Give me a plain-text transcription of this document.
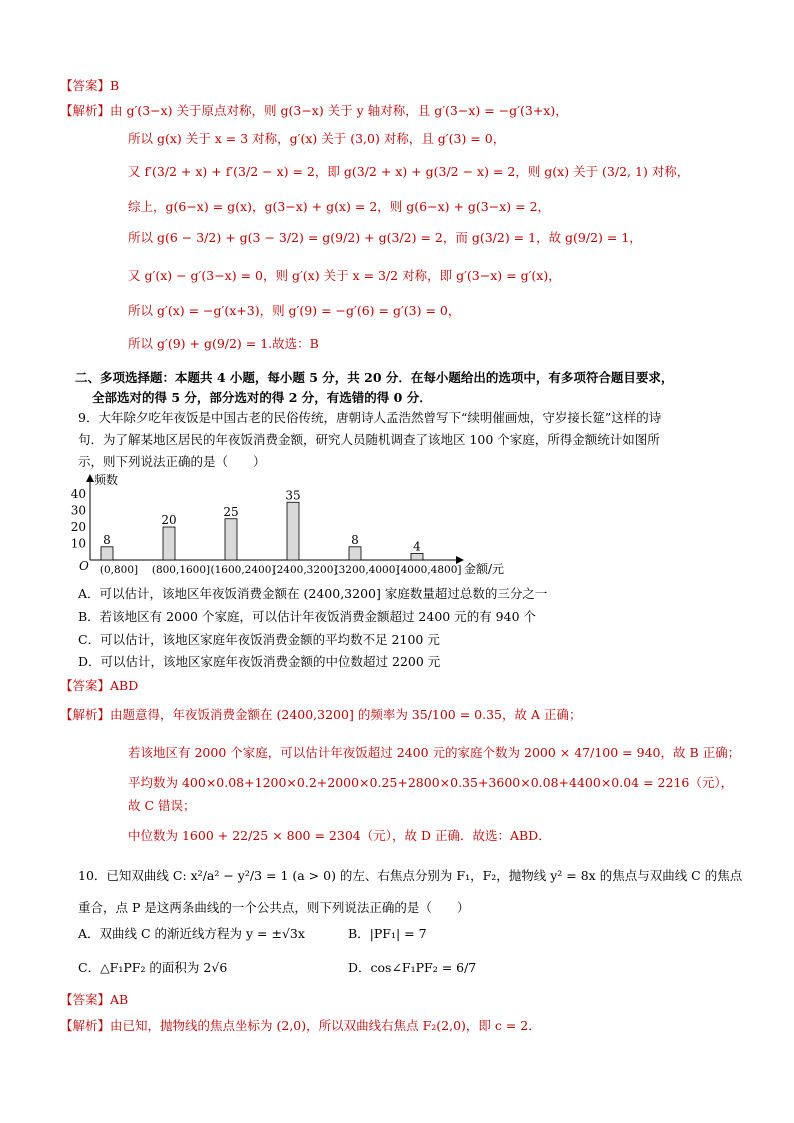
【答案】B
【解析】由 g′(3−x) 关于原点对称，则 g(3−x) 关于 y 轴对称，且 g′(3−x) = −g′(3+x)，
所以 g(x) 关于 x = 3 对称，g′(x) 关于 (3,0) 对称，且 g′(3) = 0，
又 f′(3/2 + x) + f′(3/2 − x) = 2，即 g(3/2 + x) + g(3/2 − x) = 2，则 g(x) 关于 (3/2, 1) 对称，
综上，g(6−x) = g(x)，g(3−x) + g(x) = 2，则 g(6−x) + g(3−x) = 2，
所以 g(6 − 3/2) + g(3 − 3/2) = g(9/2) + g(3/2) = 2，而 g(3/2) = 1，故 g(9/2) = 1，
又 g′(x) − g′(3−x) = 0，则 g′(x) 关于 x = 3/2 对称，即 g′(3−x) = g′(x)，
所以 g′(x) = −g′(x+3)，则 g′(9) = −g′(6) = g′(3) = 0，
所以 g′(9) + g(9/2) = 1.故选：B
二、多项选择题：本题共 4 小题，每小题 5 分，共 20 分．在每小题给出的选项中，有多项符合题目要求，
全部选对的得 5 分，部分选对的得 2 分，有选错的得 0 分．
9．大年除夕吃年夜饭是中国古老的民俗传统，唐朝诗人孟浩然曾写下“续明催画烛，守岁接长筵”这样的诗
句．为了解某地区居民的年夜饭消费金额，研究人员随机调查了该地区 100 个家庭，所得金额统计如图所
示，则下列说法正确的是（　　）
频数
金额/元
O
10
20
30
40
8
20
25
35
8	4
(0,800] (800,1600] (1600,2400]
(2400,3200]
(3200,4000]
(4000,4800]
A．可以估计，该地区年夜饭消费金额在 (2400,3200] 家庭数量超过总数的三分之一
B．若该地区有 2000 个家庭，可以估计年夜饭消费金额超过 2400 元的有 940 个
C．可以估计，该地区家庭年夜饭消费金额的平均数不足 2100 元
D．可以估计，该地区家庭年夜饭消费金额的中位数超过 2200 元
【答案】ABD
【解析】由题意得，年夜饭消费金额在 (2400,3200] 的频率为 35/100 = 0.35，故 A 正确；
若该地区有 2000 个家庭，可以估计年夜饭超过 2400 元的家庭个数为 2000 × 47/100 = 940，故 B 正确；
平均数为 400×0.08+1200×0.2+2000×0.25+2800×0.35+3600×0.08+4400×0.04 = 2216（元），
故 C 错误；
中位数为 1600 + 22/25 × 800 = 2304（元），故 D 正确．故选：ABD．
10．已知双曲线 C: x²/a² − y²/3 = 1 (a > 0) 的左、右焦点分别为 F₁，F₂，抛物线 y² = 8x 的焦点与双曲线 C 的焦点
重合，点 P 是这两条曲线的一个公共点，则下列说法正确的是（　　）
A．双曲线 C 的渐近线方程为 y = ±√3x	B．|PF₁| = 7
C．△F₁PF₂ 的面积为 2√6	D．cos∠F₁PF₂ = 6/7
【答案】AB
【解析】由已知，抛物线的焦点坐标为 (2,0)，所以双曲线右焦点 F₂(2,0)，即 c = 2．
